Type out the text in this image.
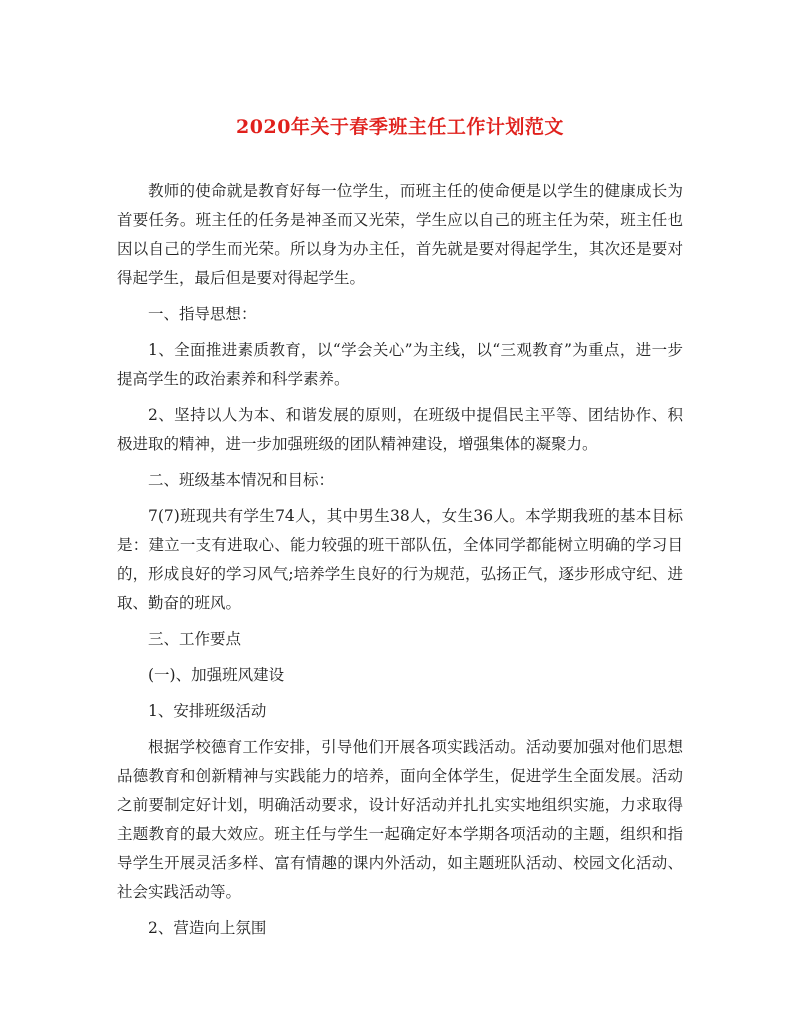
2020年关于春季班主任工作计划范文

教师的使命就是教育好每一位学生，而班主任的使命便是以学生的健康成长为首要任务。班主任的任务是神圣而又光荣，学生应以自己的班主任为荣，班主任也因以自己的学生而光荣。所以身为办主任，首先就是要对得起学生，其次还是要对得起学生，最后但是要对得起学生。

一、指导思想：

1、全面推进素质教育，以“学会关心”为主线，以“三观教育”为重点，进一步提高学生的政治素养和科学素养。

2、坚持以人为本、和谐发展的原则，在班级中提倡民主平等、团结协作、积极进取的精神，进一步加强班级的团队精神建设，增强集体的凝聚力。

二、班级基本情况和目标：

7(7)班现共有学生74人，其中男生38人，女生36人。本学期我班的基本目标是：建立一支有进取心、能力较强的班干部队伍，全体同学都能树立明确的学习目的，形成良好的学习风气;培养学生良好的行为规范，弘扬正气，逐步形成守纪、进取、勤奋的班风。

三、工作要点

(一)、加强班风建设

1、安排班级活动

根据学校德育工作安排，引导他们开展各项实践活动。活动要加强对他们思想品德教育和创新精神与实践能力的培养，面向全体学生，促进学生全面发展。活动之前要制定好计划，明确活动要求，设计好活动并扎扎实实地组织实施，力求取得主题教育的最大效应。班主任与学生一起确定好本学期各项活动的主题，组织和指导学生开展灵活多样、富有情趣的课内外活动，如主题班队活动、校园文化活动、社会实践活动等。

2、营造向上氛围
